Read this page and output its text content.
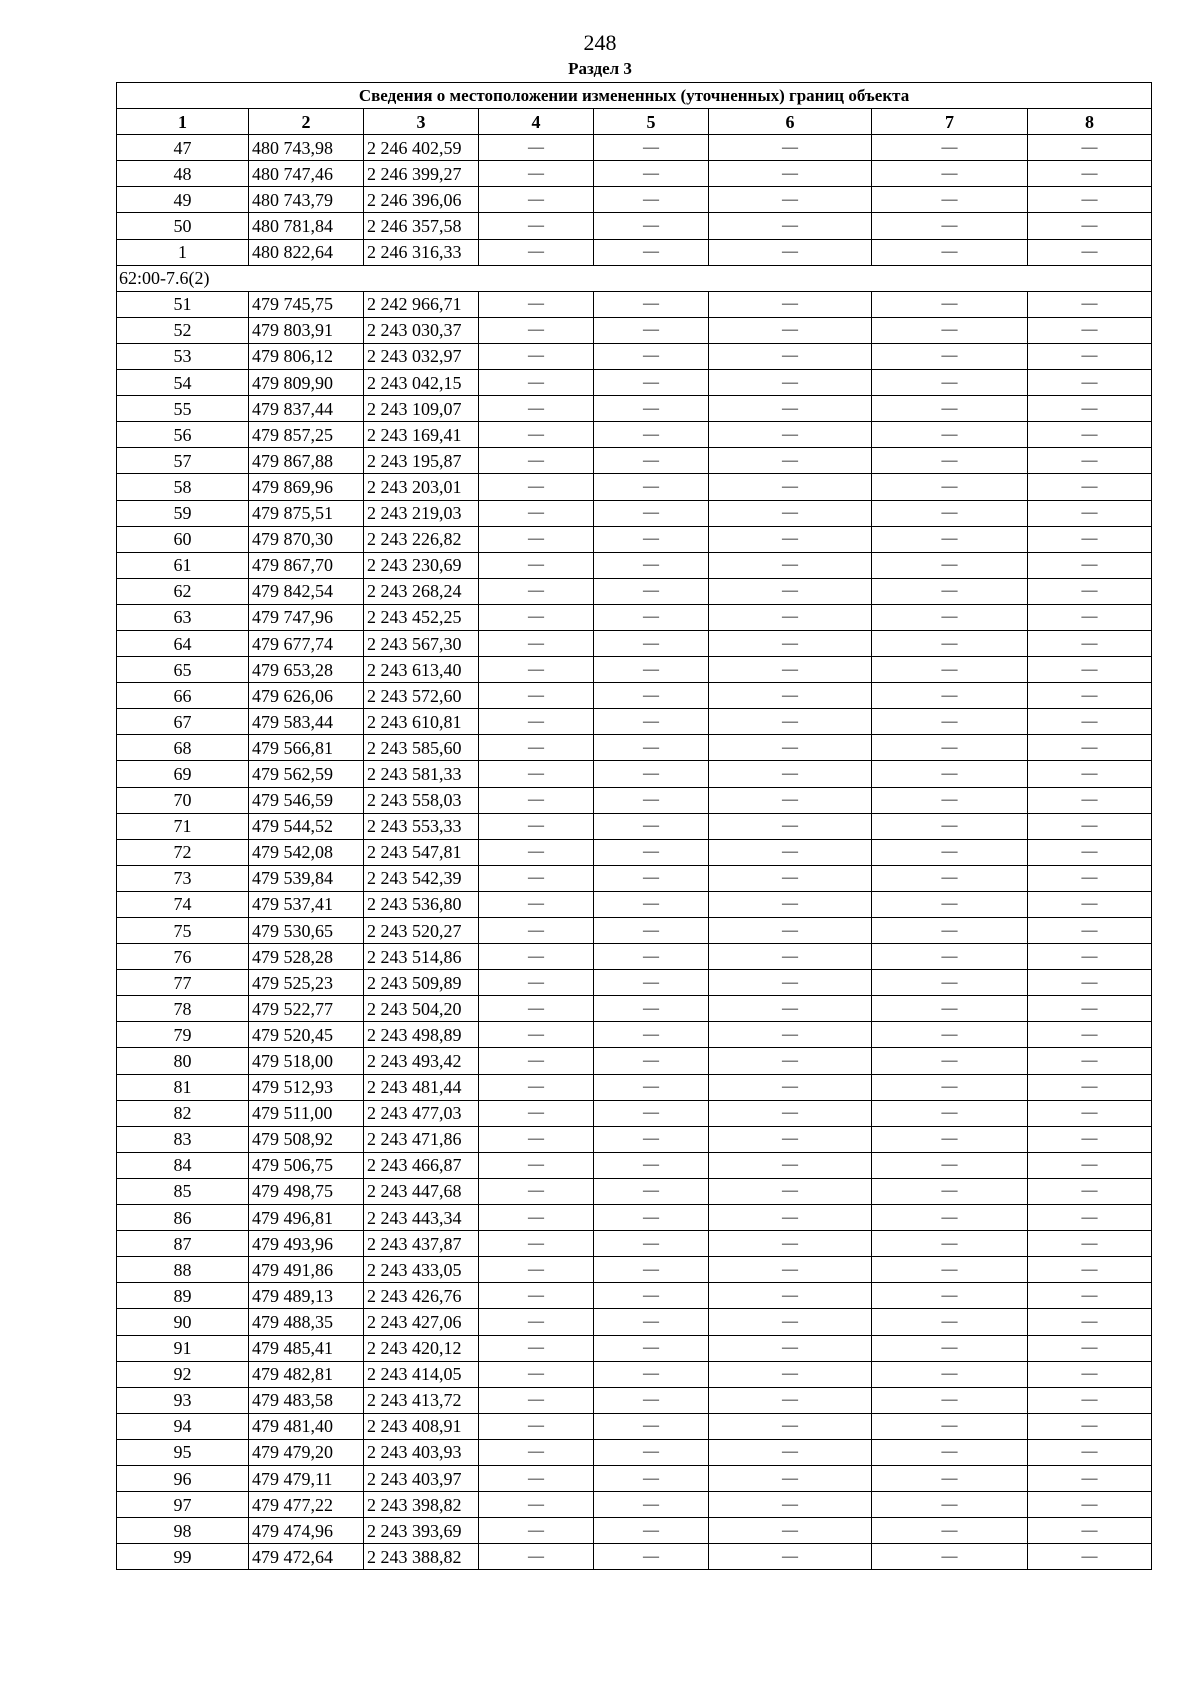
248
Раздел 3
Сведения о местоположении измененных (уточненных) границ объекта							
1	2	3	4	5	6	7	8
47	480 743,98	2 246 402,59	—	—	—	—	—
48	480 747,46	2 246 399,27	—	—	—	—	—
49	480 743,79	2 246 396,06	—	—	—	—	—
50	480 781,84	2 246 357,58	—	—	—	—	—
1	480 822,64	2 246 316,33	—	—	—	—	—
62:00-7.6(2)							
51	479 745,75	2 242 966,71	—	—	—	—	—
52	479 803,91	2 243 030,37	—	—	—	—	—
53	479 806,12	2 243 032,97	—	—	—	—	—
54	479 809,90	2 243 042,15	—	—	—	—	—
55	479 837,44	2 243 109,07	—	—	—	—	—
56	479 857,25	2 243 169,41	—	—	—	—	—
57	479 867,88	2 243 195,87	—	—	—	—	—
58	479 869,96	2 243 203,01	—	—	—	—	—
59	479 875,51	2 243 219,03	—	—	—	—	—
60	479 870,30	2 243 226,82	—	—	—	—	—
61	479 867,70	2 243 230,69	—	—	—	—	—
62	479 842,54	2 243 268,24	—	—	—	—	—
63	479 747,96	2 243 452,25	—	—	—	—	—
64	479 677,74	2 243 567,30	—	—	—	—	—
65	479 653,28	2 243 613,40	—	—	—	—	—
66	479 626,06	2 243 572,60	—	—	—	—	—
67	479 583,44	2 243 610,81	—	—	—	—	—
68	479 566,81	2 243 585,60	—	—	—	—	—
69	479 562,59	2 243 581,33	—	—	—	—	—
70	479 546,59	2 243 558,03	—	—	—	—	—
71	479 544,52	2 243 553,33	—	—	—	—	—
72	479 542,08	2 243 547,81	—	—	—	—	—
73	479 539,84	2 243 542,39	—	—	—	—	—
74	479 537,41	2 243 536,80	—	—	—	—	—
75	479 530,65	2 243 520,27	—	—	—	—	—
76	479 528,28	2 243 514,86	—	—	—	—	—
77	479 525,23	2 243 509,89	—	—	—	—	—
78	479 522,77	2 243 504,20	—	—	—	—	—
79	479 520,45	2 243 498,89	—	—	—	—	—
80	479 518,00	2 243 493,42	—	—	—	—	—
81	479 512,93	2 243 481,44	—	—	—	—	—
82	479 511,00	2 243 477,03	—	—	—	—	—
83	479 508,92	2 243 471,86	—	—	—	—	—
84	479 506,75	2 243 466,87	—	—	—	—	—
85	479 498,75	2 243 447,68	—	—	—	—	—
86	479 496,81	2 243 443,34	—	—	—	—	—
87	479 493,96	2 243 437,87	—	—	—	—	—
88	479 491,86	2 243 433,05	—	—	—	—	—
89	479 489,13	2 243 426,76	—	—	—	—	—
90	479 488,35	2 243 427,06	—	—	—	—	—
91	479 485,41	2 243 420,12	—	—	—	—	—
92	479 482,81	2 243 414,05	—	—	—	—	—
93	479 483,58	2 243 413,72	—	—	—	—	—
94	479 481,40	2 243 408,91	—	—	—	—	—
95	479 479,20	2 243 403,93	—	—	—	—	—
96	479 479,11	2 243 403,97	—	—	—	—	—
97	479 477,22	2 243 398,82	—	—	—	—	—
98	479 474,96	2 243 393,69	—	—	—	—	—
99	479 472,64	2 243 388,82	—	—	—	—	—
